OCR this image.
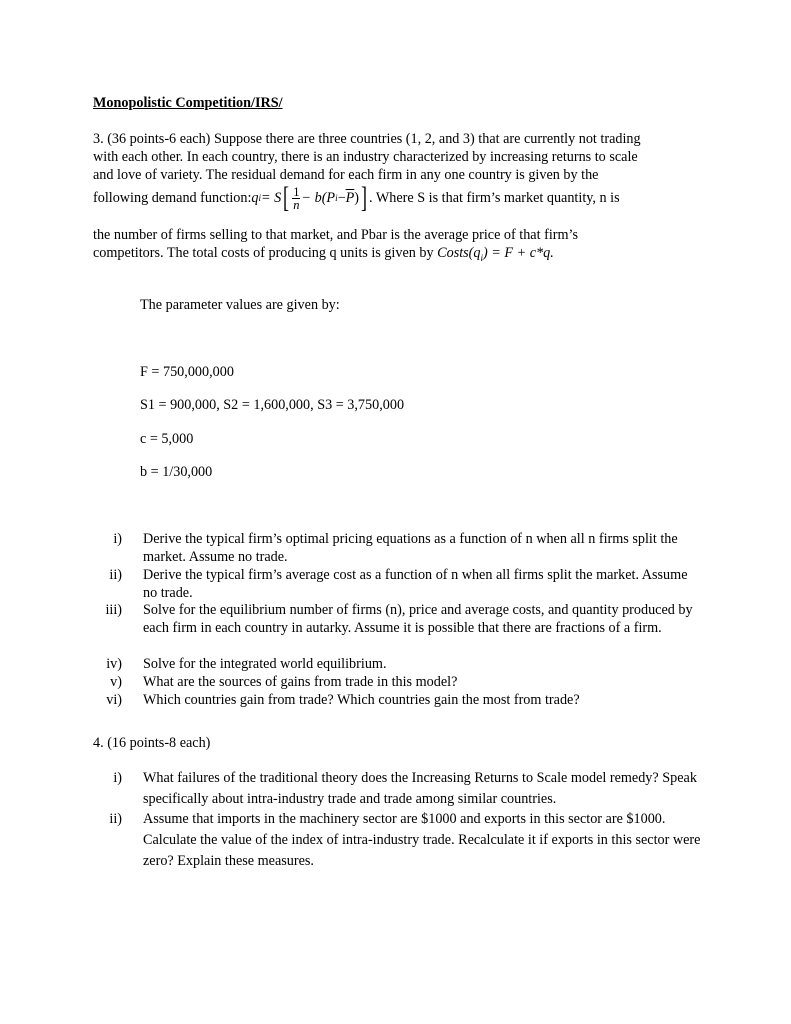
Monopolistic Competition/IRS/
3. (36 points-6 each) Suppose there are three countries (1, 2, and 3) that are currently not trading
with each other. In each country, there is an industry characterized by increasing returns to scale
and love of variety. The residual demand for each firm in any one country is given by the
following demand function: q i = S [ $\frac{1}{n} - b(P$ $i - \overline{P}$ ) ] . Where S is that firm’s market quantity, n is
the number of firms selling to that market, and Pbar is the average price of that firm’s
competitors. The total costs of producing q units is given by $Costs(q_i) = F + c*q$.
The parameter values are given by:
F = 750,000,000
S1 = 900,000, S2 = 1,600,000, S3 = 3,750,000
c = 5,000
b = 1/30,000
i) Derive the typical firm’s optimal pricing equations as a function of n when all n firms split the market. Assume no trade.
ii) Derive the typical firm’s average cost as a function of n when all firms split the market. Assume no trade.
iii) Solve for the equilibrium number of firms (n), price and average costs, and quantity produced by each firm in each country in autarky. Assume it is possible that there are fractions of a firm.
iv) Solve for the integrated world equilibrium.
v) What are the sources of gains from trade in this model?
vi) Which countries gain from trade? Which countries gain the most from trade?
4. (16 points-8 each)
i) What failures of the traditional theory does the Increasing Returns to Scale model remedy? Speak specifically about intra-industry trade and trade among similar countries.
ii) Assume that imports in the machinery sector are $1000 and exports in this sector are $1000. Calculate the value of the index of intra-industry trade. Recalculate it if exports in this sector were zero? Explain these measures.
